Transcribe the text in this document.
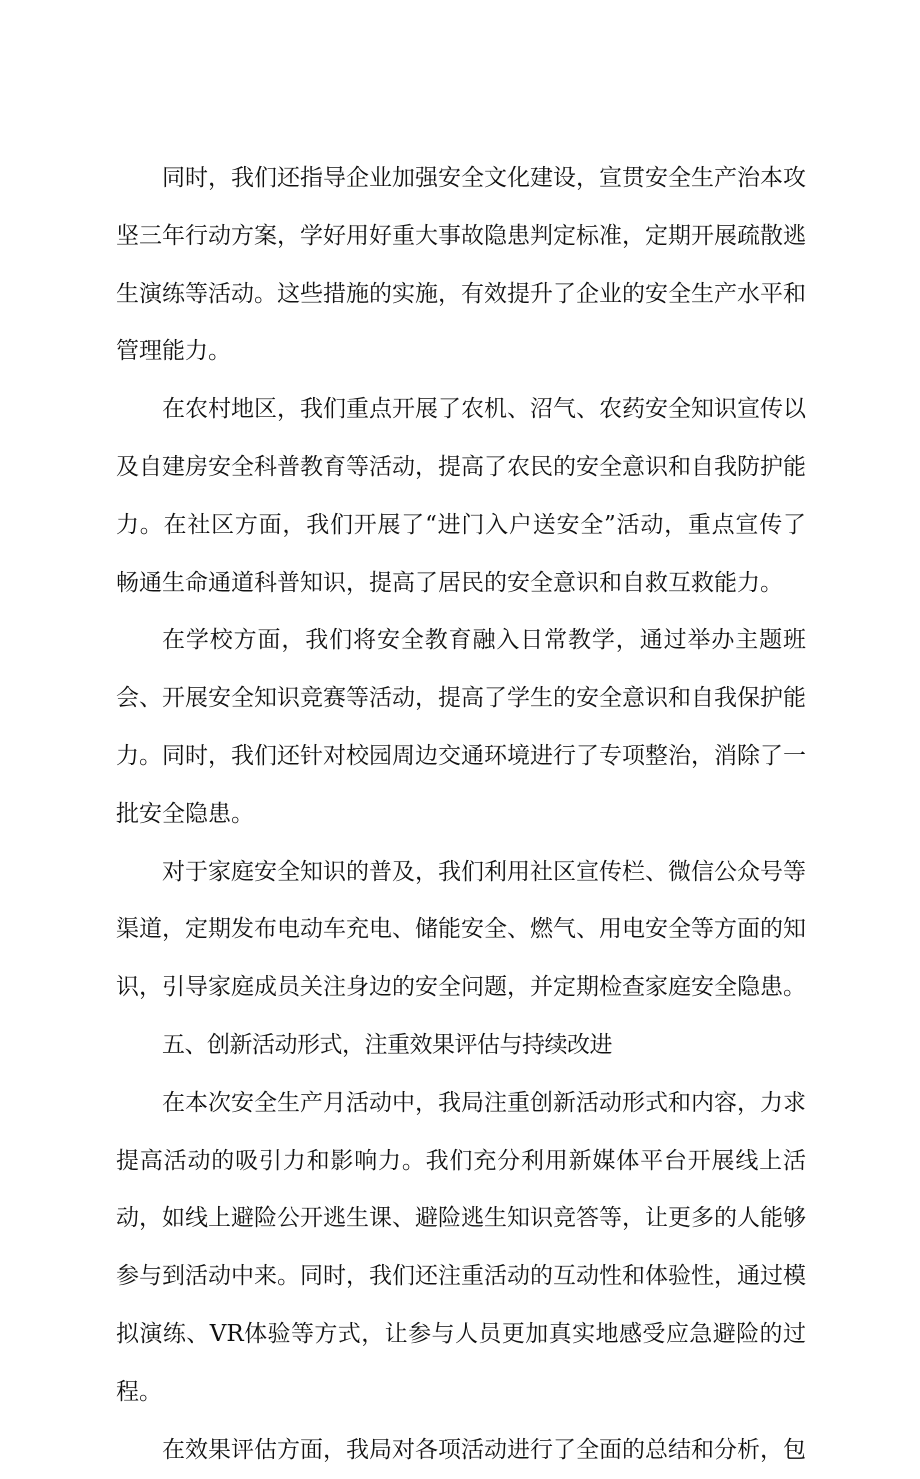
同时，我们还指导企业加强安全文化建设，宣贯安全生产治本攻坚三年行动方案，学好用好重大事故隐患判定标准，定期开展疏散逃生演练等活动。这些措施的实施，有效提升了企业的安全生产水平和管理能力。

在农村地区，我们重点开展了农机、沼气、农药安全知识宣传以及自建房安全科普教育等活动，提高了农民的安全意识和自我防护能力。在社区方面，我们开展了“进门入户送安全”活动，重点宣传了畅通生命通道科普知识，提高了居民的安全意识和自救互救能力。

在学校方面，我们将安全教育融入日常教学，通过举办主题班会、开展安全知识竞赛等活动，提高了学生的安全意识和自我保护能力。同时，我们还针对校园周边交通环境进行了专项整治，消除了一批安全隐患。

对于家庭安全知识的普及，我们利用社区宣传栏、微信公众号等渠道，定期发布电动车充电、储能安全、燃气、用电安全等方面的知识，引导家庭成员关注身边的安全问题，并定期检查家庭安全隐患。

五、创新活动形式，注重效果评估与持续改进

在本次安全生产月活动中，我局注重创新活动形式和内容，力求提高活动的吸引力和影响力。我们充分利用新媒体平台开展线上活动，如线上避险公开逃生课、避险逃生知识竞答等，让更多的人能够参与到活动中来。同时，我们还注重活动的互动性和体验性，通过模拟演练、VR体验等方式，让参与人员更加真实地感受应急避险的过程。

在效果评估方面，我局对各项活动进行了全面的总结和分析，包
